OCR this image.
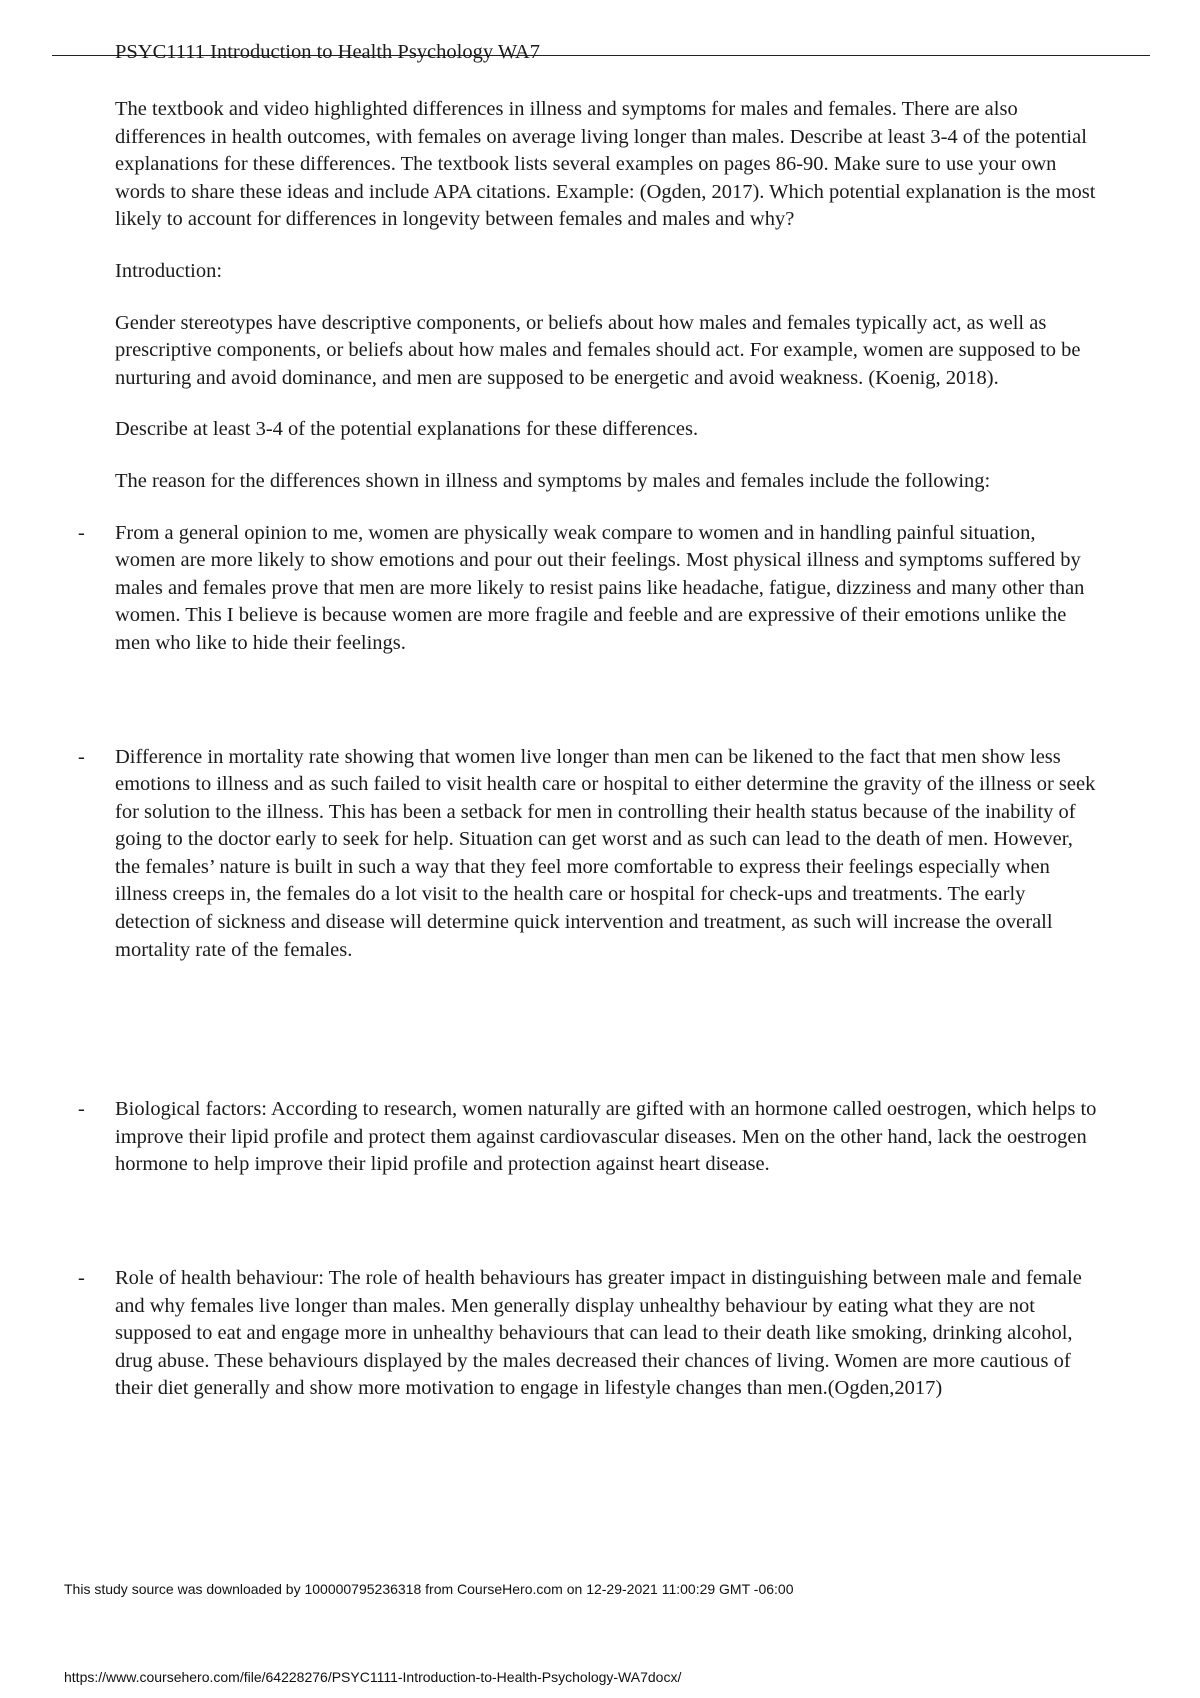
PSYC1111 Introduction to Health Psychology WA7

The textbook and video highlighted differences in illness and symptoms for males and females. There are also differences in health outcomes, with females on average living longer than males. Describe at least 3-4 of the potential explanations for these differences. The textbook lists several examples on pages 86-90. Make sure to use your own words to share these ideas and include APA citations. Example: (Ogden, 2017). Which potential explanation is the most likely to account for differences in longevity between females and males and why?

Introduction:

Gender stereotypes have descriptive components, or beliefs about how males and females typically act, as well as prescriptive components, or beliefs about how males and females should act. For example, women are supposed to be nurturing and avoid dominance, and men are supposed to be energetic and avoid weakness. (Koenig, 2018).

Describe at least 3-4 of the potential explanations for these differences.

The reason for the differences shown in illness and symptoms by males and females include the following:

- From a general opinion to me, women are physically weak compare to women and in handling painful situation, women are more likely to show emotions and pour out their feelings. Most physical illness and symptoms suffered by males and females prove that men are more likely to resist pains like headache, fatigue, dizziness and many other than women. This I believe is because women are more fragile and feeble and are expressive of their emotions unlike the men who like to hide their feelings.
- Difference in mortality rate showing that women live longer than men can be likened to the fact that men show less emotions to illness and as such failed to visit health care or hospital to either determine the gravity of the illness or seek for solution to the illness. This has been a setback for men in controlling their health status because of the inability of going to the doctor early to seek for help. Situation can get worst and as such can lead to the death of men. However, the females’ nature is built in such a way that they feel more comfortable to express their feelings especially when illness creeps in, the females do a lot visit to the health care or hospital for check-ups and treatments. The early detection of sickness and disease will determine quick intervention and treatment, as such will increase the overall mortality rate of the females.
- Biological factors: According to research, women naturally are gifted with an hormone called oestrogen, which helps to improve their lipid profile and protect them against cardiovascular diseases. Men on the other hand, lack the oestrogen hormone to help improve their lipid profile and protection against heart disease.
- Role of health behaviour: The role of health behaviours has greater impact in distinguishing between male and female and why females live longer than males. Men generally display unhealthy behaviour by eating what they are not supposed to eat and engage more in unhealthy behaviours that can lead to their death like smoking, drinking alcohol, drug abuse. These behaviours displayed by the males decreased their chances of living. Women are more cautious of their diet generally and show more motivation to engage in lifestyle changes than men.(Ogden,2017)
This study source was downloaded by 100000795236318 from CourseHero.com on 12-29-2021 11:00:29 GMT -06:00
https://www.coursehero.com/file/64228276/PSYC1111-Introduction-to-Health-Psychology-WA7docx/
